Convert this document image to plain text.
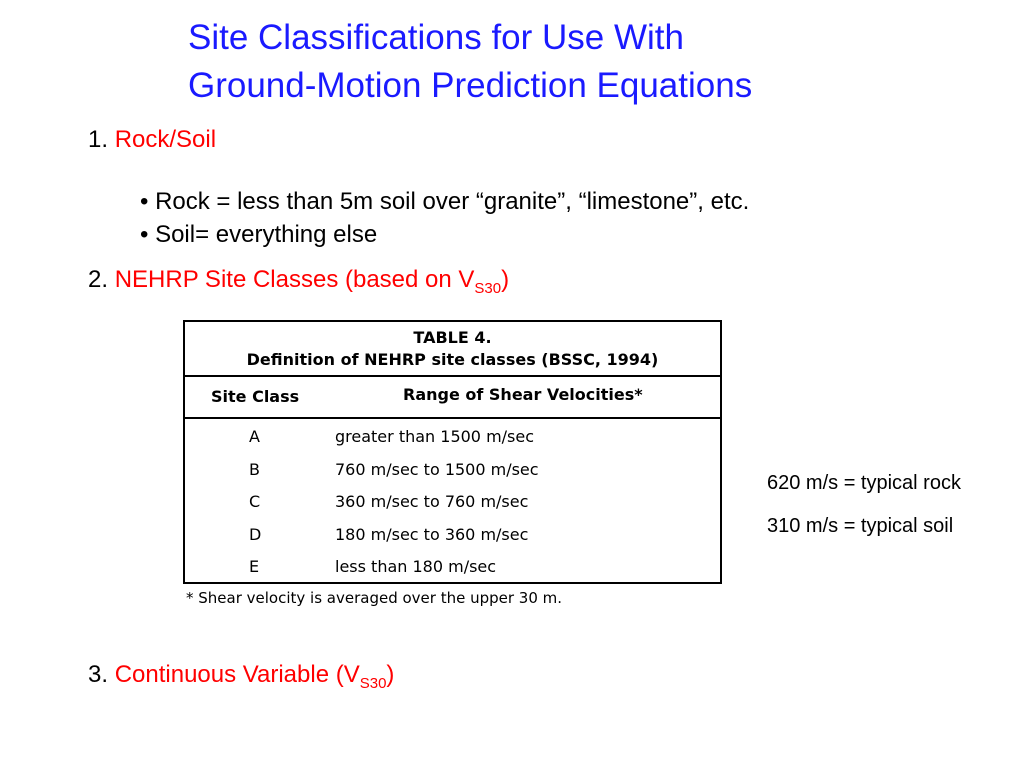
Site Classifications for Use With
Ground-Motion Prediction Equations
1. Rock/Soil
• Rock = less than 5m soil over “granite”, “limestone”, etc.
• Soil= everything else
2. NEHRP Site Classes (based on $V_{S30}$)
TABLE 4.
Definition of NEHRP site classes (BSSC, 1994)
Site Class	Range of Shear Velocities*
A	greater than 1500 m/sec
B	760 m/sec to 1500 m/sec
C	360 m/sec to 760 m/sec
D	180 m/sec to 360 m/sec
E	less than 180 m/sec
* Shear velocity is averaged over the upper 30 m.
620 m/s = typical rock
310 m/s = typical soil
3. Continuous Variable $(V_{S30})$
